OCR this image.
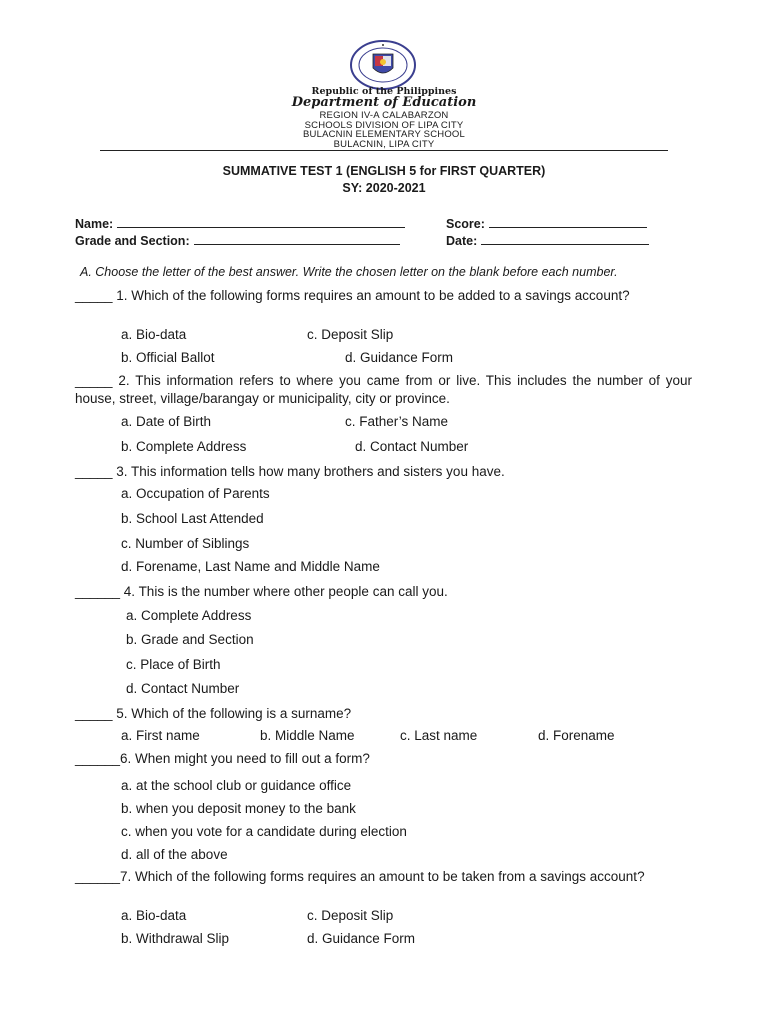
Republic of the Philippines
Department of Education
REGION IV-A CALABARZON
SCHOOLS DIVISION OF LIPA CITY
BULACNIN ELEMENTARY SCHOOL
BULACNIN, LIPA CITY
SUMMATIVE TEST 1 (ENGLISH 5 for FIRST QUARTER)
SY: 2020-2021
Name:	Score:
Grade and Section:	Date:
A. Choose the letter of the best answer. Write the chosen letter on the blank before each number.
_____ 1. Which of the following forms requires an amount to be added to a savings account?
a. Bio-data	c. Deposit Slip
b. Official Ballot	d. Guidance Form
_____ 2. This information refers to where you came from or live. This includes the number of your house, street, village/barangay or municipality, city or province.
a. Date of Birth	c. Father’s Name
b. Complete Address	d. Contact Number
_____ 3. This information tells how many brothers and sisters you have.
a. Occupation of Parents
b. School Last Attended
c. Number of Siblings
d. Forename, Last Name and Middle Name
______ 4. This is the number where other people can call you.
a. Complete Address
b. Grade and Section
c. Place of Birth
d. Contact Number
_____ 5. Which of the following is a surname?
a. First name	b. Middle Name	c. Last name	d. Forename
______6. When might you need to fill out a form?
a. at the school club or guidance office
b. when you deposit money to the bank
c. when you vote for a candidate during election
d. all of the above
______7. Which of the following forms requires an amount to be taken from a savings account?
a. Bio-data	c. Deposit Slip
b. Withdrawal Slip	d. Guidance Form
